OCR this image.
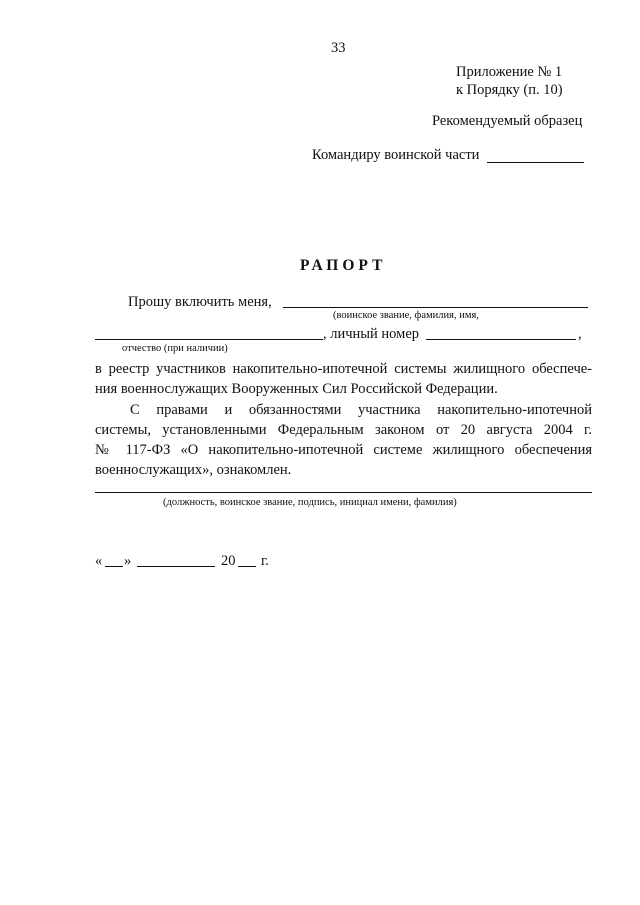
33
Приложение № 1
к Порядку (п. 10)
Рекомендуемый образец
Командиру воинской части
РАПОРТ
Прошу включить меня,
(воинское звание, фамилия, имя,
, личный номер	,
отчество (при наличии)
в реестр участников накопительно-ипотечной системы жилищного обеспече-
ния военнослужащих Вооруженных Сил Российской Федерации.
С правами и обязанностями участника накопительно-ипотечной
системы, установленными Федеральным законом от 20 августа 2004 г.
№ 117-ФЗ «О накопительно-ипотечной системе жилищного обеспечения
военнослужащих», ознакомлен.
(должность, воинское звание, подпись, инициал имени, фамилия)
« »	20 г.
